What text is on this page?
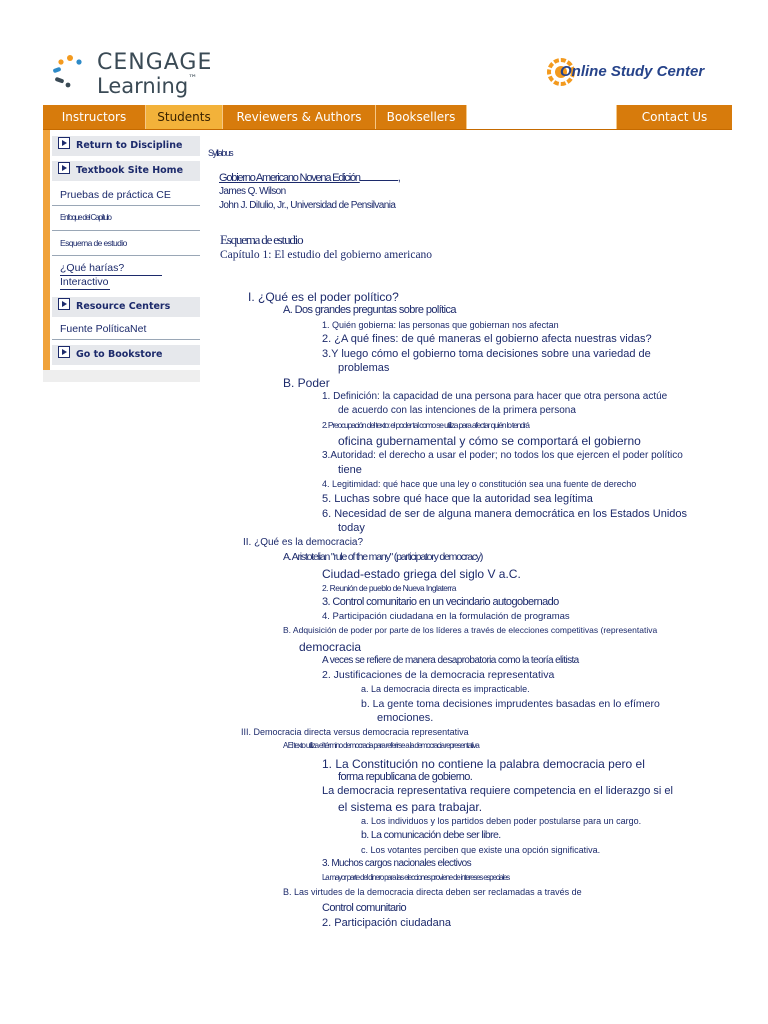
CENGAGE
Learning™	Online Study Center
Instructors	Students	Reviewers & Authors	Booksellers	Contact Us
Return to Discipline
Textbook Site Home
Pruebas de práctica CE
Enfoque del Capítulo
Esquema de estudio
¿Qué harías?
Interactivo
Resource Centers
Fuente PolíticaNet
Go to Bookstore
Syllabus
Gobierno Americano Novena Edición	,
James Q. Wilson
John J. DiIulio, Jr., Universidad de Pensilvania
Esquema de estudio
Capítulo 1: El estudio del gobierno americano
I. ¿Qué es el poder político?
A. Dos grandes preguntas sobre política
1. Quién gobierna: las personas que gobiernan nos afectan
2. ¿A qué fines: de qué maneras el gobierno afecta nuestras vidas?
3.Y luego cómo el gobierno toma decisiones sobre una variedad de
problemas
B. Poder
1. Definición: la capacidad de una persona para hacer que otra persona actúe
de acuerdo con las intenciones de la primera persona
2. Preocupación del texto: el poder tal como se utiliza para afectar quién lo tendrá
oficina gubernamental y cómo se comportará el gobierno
3.Autoridad: el derecho a usar el poder; no todos los que ejercen el poder político
tiene
4. Legitimidad: qué hace que una ley o constitución sea una fuente de derecho
5. Luchas sobre qué hace que la autoridad sea legítima
6. Necesidad de ser de alguna manera democrática en los Estados Unidos
today
II. ¿Qué es la democracia?
A. Aristotelian "rule of the many" (participatory democracy)
Ciudad-estado griega del siglo V a.C.
2. Reunión de pueblo de Nueva Inglaterra
3. Control comunitario en un vecindario autogobernado
4. Participación ciudadana en la formulación de programas
B. Adquisición de poder por parte de los líderes a través de elecciones competitivas (representativa
democracia
A veces se refiere de manera desaprobatoria como la teoría elitista
2. Justificaciones de la democracia representativa
a. La democracia directa es impracticable.
b. La gente toma decisiones imprudentes basadas en lo efímero
emociones.
III. Democracia directa versus democracia representativa
A El texto utiliza el término democracia para referirse a la democracia representativa
1. La Constitución no contiene la palabra democracia pero el
forma republicana de gobierno.
La democracia representativa requiere competencia en el liderazgo si el
el sistema es para trabajar.
a. Los individuos y los partidos deben poder postularse para un cargo.
b. La comunicación debe ser libre.
c. Los votantes perciben que existe una opción significativa.
3. Muchos cargos nacionales electivos
La mayor parte del dinero para las elecciones proviene de intereses especiales
B. Las virtudes de la democracia directa deben ser reclamadas a través de
Control comunitario
2. Participación ciudadana
